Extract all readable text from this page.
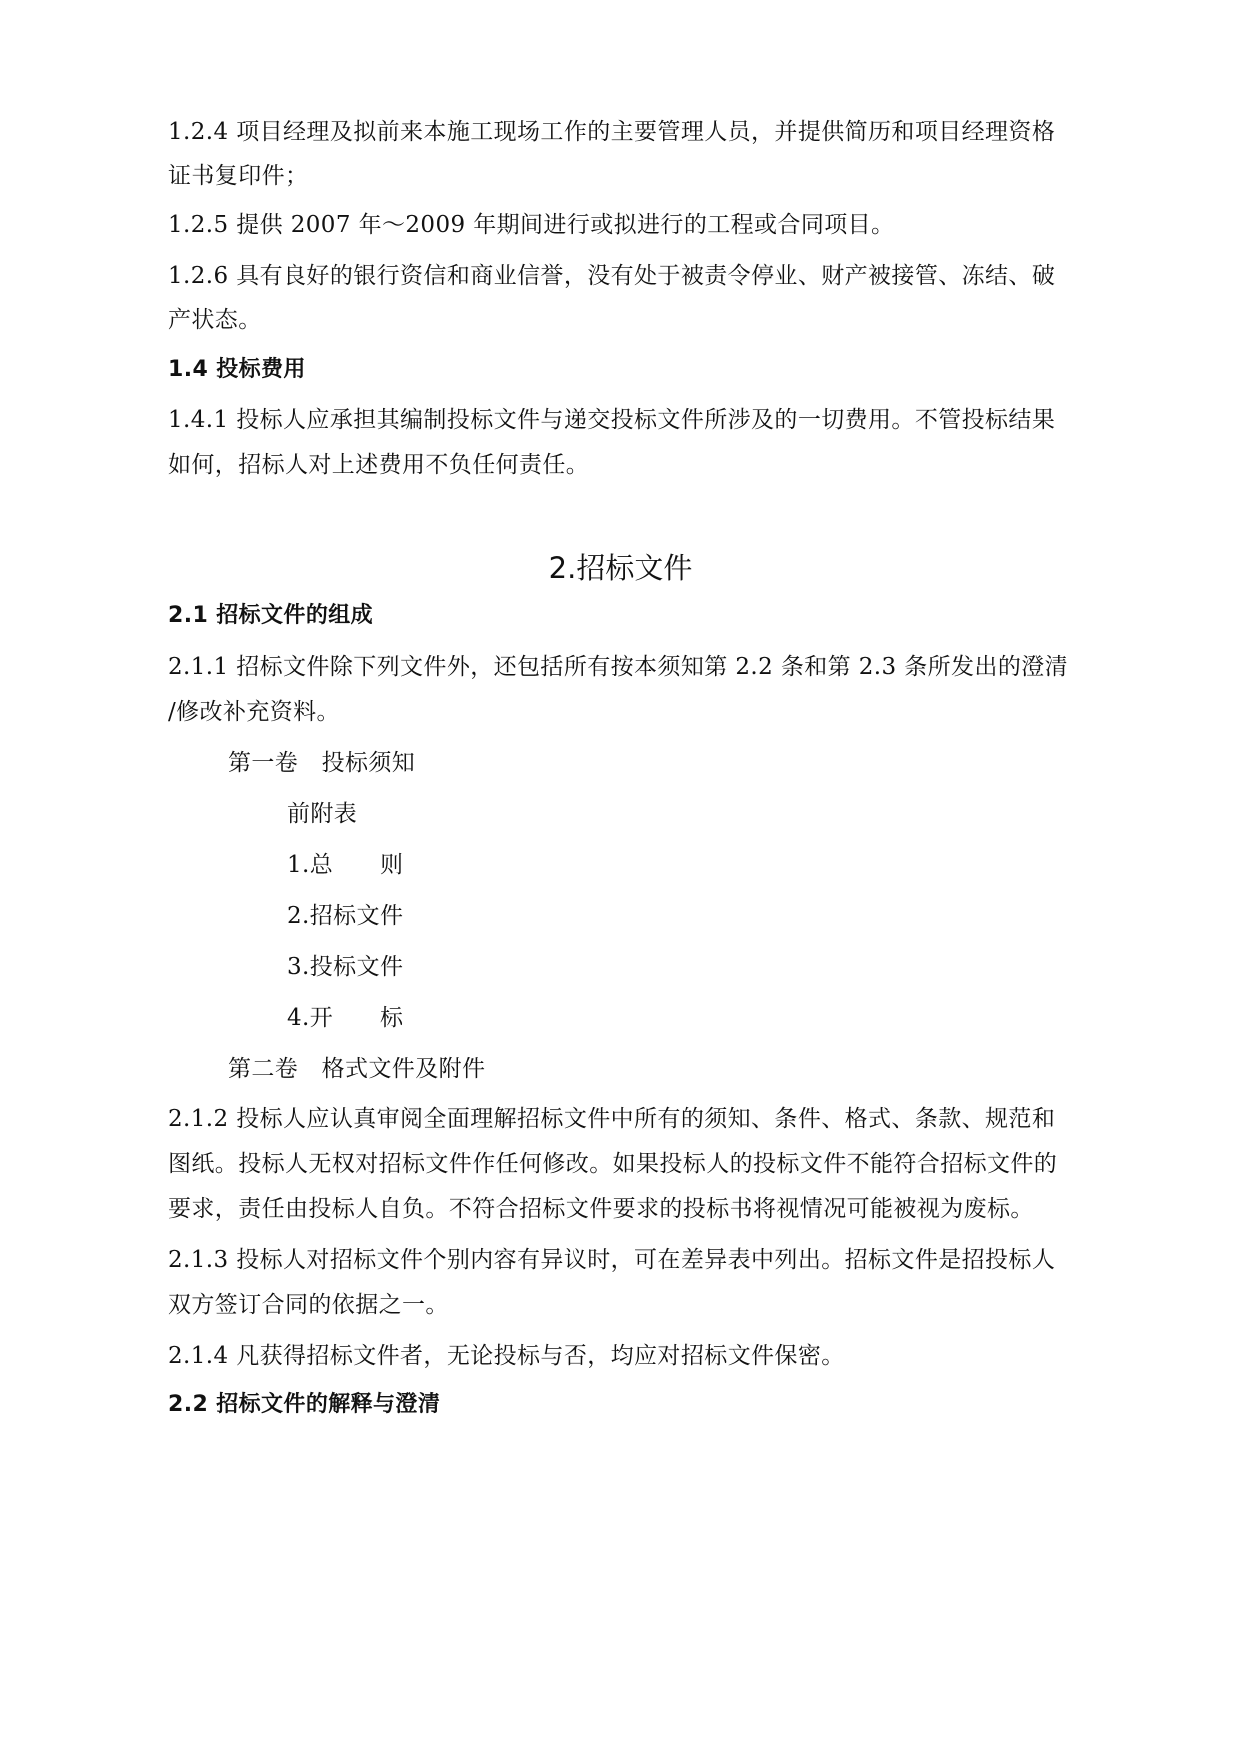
1.2.4 项目经理及拟前来本施工现场工作的主要管理人员，并提供简历和项目经理资格
证书复印件；
1.2.5 提供 2007 年～2009 年期间进行或拟进行的工程或合同项目。
1.2.6 具有良好的银行资信和商业信誉，没有处于被责令停业、财产被接管、冻结、破
产状态。
1.4 投标费用
1.4.1 投标人应承担其编制投标文件与递交投标文件所涉及的一切费用。不管投标结果
如何，招标人对上述费用不负任何责任。
2.招标文件
2.1 招标文件的组成
2.1.1 招标文件除下列文件外，还包括所有按本须知第 2.2 条和第 2.3 条所发出的澄清
/修改补充资料。
第一卷　投标须知
前附表
1.总　　则
2.招标文件
3.投标文件
4.开　　标
第二卷　格式文件及附件
2.1.2 投标人应认真审阅全面理解招标文件中所有的须知、条件、格式、条款、规范和
图纸。投标人无权对招标文件作任何修改。如果投标人的投标文件不能符合招标文件的
要求，责任由投标人自负。不符合招标文件要求的投标书将视情况可能被视为废标。
2.1.3 投标人对招标文件个别内容有异议时，可在差异表中列出。招标文件是招投标人
双方签订合同的依据之一。
2.1.4 凡获得招标文件者，无论投标与否，均应对招标文件保密。
2.2 招标文件的解释与澄清
